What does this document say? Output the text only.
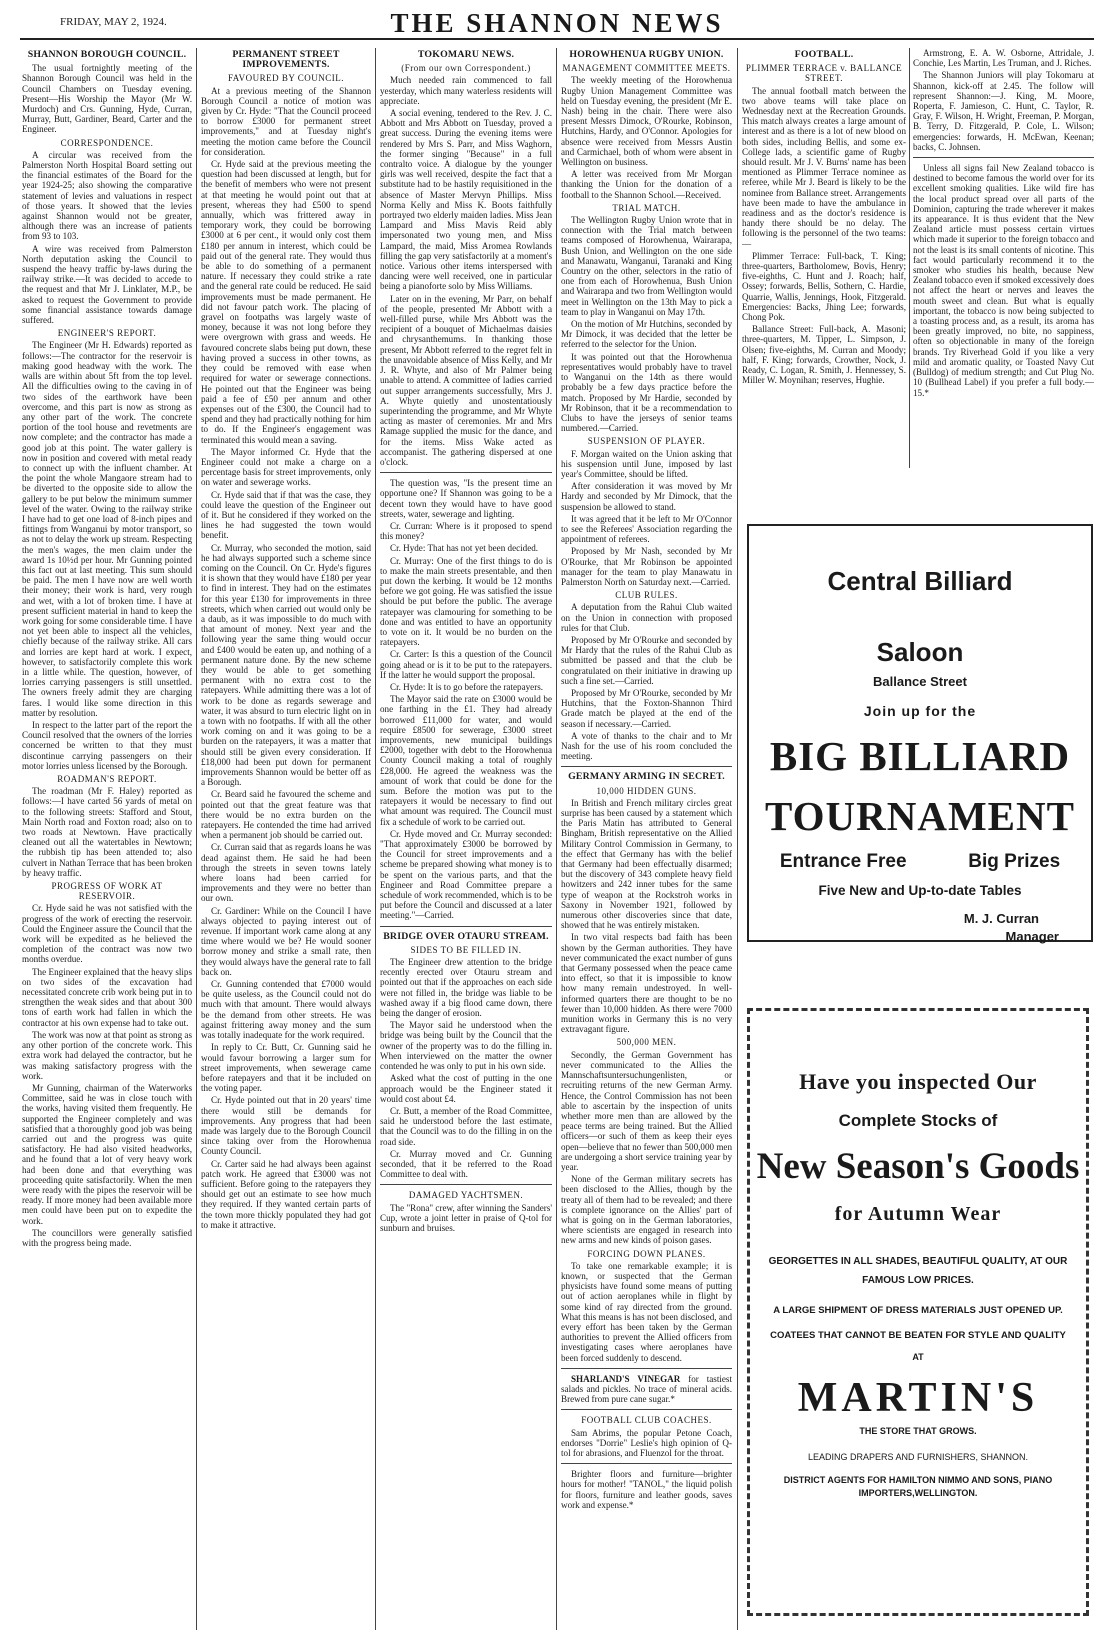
FRIDAY, MAY 2, 1924.	THE SHANNON NEWS
SHANNON BOROUGH COUNCIL.

The usual fortnightly meeting of the Shannon Borough Council was held in the Council Chambers on Tuesday evening. Present—His Worship the Mayor (Mr W. Murdoch) and Crs. Gunning, Hyde, Curran, Murray, Butt, Gardiner, Beard, Carter and the Engineer.

CORRESPONDENCE.

A circular was received from the Palmerston North Hospital Board setting out the financial estimates of the Board for the year 1924-25; also showing the comparative statement of levies and valuations in respect of those years. It showed that the levies against Shannon would not be greater, although there was an increase of patients from 93 to 103.

A wire was received from Palmerston North deputation asking the Council to suspend the heavy traffic by-laws during the railway strike.—It was decided to accede to the request and that Mr J. Linklater, M.P., be asked to request the Government to provide some financial assistance towards damage suffered.

ENGINEER'S REPORT.

The Engineer (Mr H. Edwards) reported as follows:—The contractor for the reservoir is making good headway with the work. The walls are within about 5ft from the top level. All the difficulties owing to the caving in of two sides of the earthwork have been overcome, and this part is now as strong as any other part of the work. The concrete portion of the tool house and revetments are now complete; and the contractor has made a good job at this point. The water gallery is now in position and covered with metal ready to connect up with the influent chamber. At the point the whole Mangaore stream had to be diverted to the opposite side to allow the gallery to be put below the minimum summer level of the water. Owing to the railway strike I have had to get one load of 8-inch pipes and fittings from Wanganui by motor transport, so as not to delay the work up stream. Respecting the men's wages, the men claim under the award 1s 10½d per hour. Mr Gunning pointed this fact out at last meeting. This sum should be paid. The men I have now are well worth their money; their work is hard, very rough and wet, with a lot of broken time. I have at present sufficient material in hand to keep the work going for some considerable time. I have not yet been able to inspect all the vehicles, chiefly because of the railway strike. All cars and lorries are kept hard at work. I expect, however, to satisfactorily complete this work in a little while. The question, however, of lorries carrying passengers is still unsettled. The owners freely admit they are charging fares. I would like some direction in this matter by resolution.

In respect to the latter part of the report the Council resolved that the owners of the lorries concerned be written to that they must discontinue carrying passengers on their motor lorries unless licensed by the Borough.

ROADMAN'S REPORT.

The roadman (Mr F. Haley) reported as follows:—I have carted 56 yards of metal on to the following streets: Stafford and Stout, Main North road and Foxton road; also on to two roads at Newtown. Have practically cleaned out all the watertables in Newtown; the rubbish tip has been attended to; also culvert in Nathan Terrace that has been broken by heavy traffic.

PROGRESS OF WORK AT RESERVOIR.

Cr. Hyde said he was not satisfied with the progress of the work of erecting the reservoir. Could the Engineer assure the Council that the work will be expedited as he believed the completion of the contract was now two months overdue.

The Engineer explained that the heavy slips on two sides of the excavation had necessitated concrete crib work being put in to strengthen the weak sides and that about 300 tons of earth work had fallen in which the contractor at his own expense had to take out.

The work was now at that point as strong as any other portion of the concrete work. This extra work had delayed the contractor, but he was making satisfactory progress with the work.

Mr Gunning, chairman of the Waterworks Committee, said he was in close touch with the works, having visited them frequently. He supported the Engineer completely and was satisfied that a thoroughly good job was being carried out and the progress was quite satisfactory. He had also visited headworks, and he found that a lot of very heavy work had been done and that everything was proceeding quite satisfactorily. When the men were ready with the pipes the reservoir will be ready. If more money had been available more men could have been put on to expedite the work.

The councillors were generally satisfied with the progress being made.

PERMANENT STREET IMPROVEMENTS.
FAVOURED BY COUNCIL.

At a previous meeting of the Shannon Borough Council a notice of motion was given by Cr. Hyde: "That the Council proceed to borrow £3000 for permanent street improvements," and at Tuesday night's meeting the motion came before the Council for consideration.

Cr. Hyde said at the previous meeting the question had been discussed at length, but for the benefit of members who were not present at that meeting he would point out that at present, whereas they had £500 to spend annually, which was frittered away in temporary work, they could be borrowing £3000 at 6 per cent., it would only cost them £180 per annum in interest, which could be paid out of the general rate. They would thus be able to do something of a permanent nature. If necessary they could strike a rate and the general rate could be reduced. He said improvements must be made permanent. He did not favour patch work. The placing of gravel on footpaths was largely waste of money, because it was not long before they were overgrown with grass and weeds. He favoured concrete slabs being put down, these having proved a success in other towns, as they could be removed with ease when required for water or sewerage connections. He pointed out that the Engineer was being paid a fee of £50 per annum and other expenses out of the £300, the Council had to spend and they had practically nothing for him to do. If the Engineer's engagement was terminated this would mean a saving.

The Mayor informed Cr. Hyde that the Engineer could not make a charge on a percentage basis for street improvements, only on water and sewerage works.

Cr. Hyde said that if that was the case, they could leave the question of the Engineer out of it. But he considered if they worked on the lines he had suggested the town would benefit.

Cr. Murray, who seconded the motion, said he had always supported such a scheme since coming on the Council. On Cr. Hyde's figures it is shown that they would have £180 per year to find in interest. They had on the estimates for this year £130 for improvements in three streets, which when carried out would only be a daub, as it was impossible to do much with that amount of money. Next year and the following year the same thing would occur and £400 would be eaten up, and nothing of a permanent nature done. By the new scheme they would be able to get something permanent with no extra cost to the ratepayers. While admitting there was a lot of work to be done as regards sewerage and water, it was absurd to turn electric light on in a town with no footpaths. If with all the other work coming on and it was going to be a burden on the ratepayers, it was a matter that should still be given every consideration. If £18,000 had been put down for permanent improvements Shannon would be better off as a Borough.

Cr. Beard said he favoured the scheme and pointed out that the great feature was that there would be no extra burden on the ratepayers. He contended the time had arrived when a permanent job should be carried out.

Cr. Curran said that as regards loans he was dead against them. He said he had been through the streets in seven towns lately where loans had been carried for improvements and they were no better than our own.

Cr. Gardiner: While on the Council I have always objected to paying interest out of revenue. If important work came along at any time where would we be? He would sooner borrow money and strike a small rate, then they would always have the general rate to fall back on.

Cr. Gunning contended that £7000 would be quite useless, as the Council could not do much with that amount. There would always be the demand from other streets. He was against frittering away money and the sum was totally inadequate for the work required.

In reply to Cr. Butt, Cr. Gunning said he would favour borrowing a larger sum for street improvements, when sewerage came before ratepayers and that it be included on the voting paper.

Cr. Hyde pointed out that in 20 years' time there would still be demands for improvements. Any progress that had been made was largely due to the Borough Council since taking over from the Horowhenua County Council.

Cr. Carter said he had always been against patch work. He agreed that £3000 was not sufficient. Before going to the ratepayers they should get out an estimate to see how much they required. If they wanted certain parts of the town more thickly populated they had got to make it attractive.

TOKOMARU NEWS.
(From our own Correspondent.)

Much needed rain commenced to fall yesterday, which many waterless residents will appreciate.

A social evening, tendered to the Rev. J. C. Abbott and Mrs Abbott on Tuesday, proved a great success. During the evening items were rendered by Mrs S. Parr, and Miss Waghorn, the former singing "Because" in a full contralto voice. A dialogue by the younger girls was well received, despite the fact that a substitute had to be hastily requisitioned in the absence of Master Mervyn Phillips. Miss Norma Kelly and Miss K. Boots faithfully portrayed two elderly maiden ladies. Miss Jean Lampard and Miss Mavis Reid ably impersonated two young men, and Miss Lampard, the maid, Miss Aromea Rowlands filling the gap very satisfactorily at a moment's notice. Various other items interspersed with dancing were well received, one in particular being a pianoforte solo by Miss Williams.

Later on in the evening, Mr Parr, on behalf of the people, presented Mr Abbott with a well-filled purse, while Mrs Abbott was the recipient of a bouquet of Michaelmas daisies and chrysanthemums. In thanking those present, Mr Abbott referred to the regret felt in the unavoidable absence of Miss Kelly, and Mr J. R. Whyte, and also of Mr Palmer being unable to attend. A committee of ladies carried out supper arrangements successfully, Mrs J. A. Whyte quietly and unostentatiously superintending the programme, and Mr Whyte acting as master of ceremonies. Mr and Mrs Ramage supplied the music for the dance, and for the items. Miss Wake acted as accompanist. The gathering dispersed at one o'clock.

The question was, "Is the present time an opportune one? If Shannon was going to be a decent town they would have to have good streets, water, sewerage and lighting.

Cr. Curran: Where is it proposed to spend this money?

Cr. Hyde: That has not yet been decided.

Cr. Murray: One of the first things to do is to make the main streets presentable, and then put down the kerbing. It would be 12 months before we got going. He was satisfied the issue should be put before the public. The average ratepayer was clamouring for something to be done and was entitled to have an opportunity to vote on it. It would be no burden on the ratepayers.

Cr. Carter: Is this a question of the Council going ahead or is it to be put to the ratepayers. If the latter he would support the proposal.

Cr. Hyde: It is to go before the ratepayers.

The Mayor said the rate on £3000 would be one farthing in the £1. They had already borrowed £11,000 for water, and would require £8500 for sewerage, £3000 street improvements, new municipal buildings £2000, together with debt to the Horowhenua County Council making a total of roughly £28,000. He agreed the weakness was the amount of work that could be done for the sum. Before the motion was put to the ratepayers it would be necessary to find out what amount was required. The Council must fix a schedule of work to be carried out.

Cr. Hyde moved and Cr. Murray seconded: "That approximately £3000 be borrowed by the Council for street improvements and a scheme be prepared showing what money is to be spent on the various parts, and that the Engineer and Road Committee prepare a schedule of work recommended, which is to be put before the Council and discussed at a later meeting."—Carried.

BRIDGE OVER OTAURU STREAM.
SIDES TO BE FILLED IN.

The Engineer drew attention to the bridge recently erected over Otauru stream and pointed out that if the approaches on each side were not filled in, the bridge was liable to be washed away if a big flood came down, there being the danger of erosion.

The Mayor said he understood when the bridge was being built by the Council that the owner of the property was to do the filling in. When interviewed on the matter the owner contended he was only to put in his own side.

Asked what the cost of putting in the one approach would be the Engineer stated it would cost about £4.

Cr. Butt, a member of the Road Committee, said he understood before the last estimate, that the Council was to do the filling in on the road side.

Cr. Murray moved and Cr. Gunning seconded, that it be referred to the Road Committee to deal with.

DAMAGED YACHTSMEN.

The "Rona" crew, after winning the Sanders' Cup, wrote a joint letter in praise of Q-tol for sunburn and bruises.

HOROWHENUA RUGBY UNION.
MANAGEMENT COMMITTEE MEETS.

The weekly meeting of the Horowhenua Rugby Union Management Committee was held on Tuesday evening, the president (Mr E. Nash) being in the chair. There were also present Messrs Dimock, O'Rourke, Robinson, Hutchins, Hardy, and O'Connor. Apologies for absence were received from Messrs Austin and Carmichael, both of whom were absent in Wellington on business.

A letter was received from Mr Morgan thanking the Union for the donation of a football to the Shannon School.—Received.

TRIAL MATCH.

The Wellington Rugby Union wrote that in connection with the Trial match between teams composed of Horowhenua, Wairarapa, Bush Union, and Wellington on the one side and Manawatu, Wanganui, Taranaki and King Country on the other, selectors in the ratio of one from each of Horowhenua, Bush Union and Wairarapa and two from Wellington would meet in Wellington on the 13th May to pick a team to play in Wanganui on May 17th.

On the motion of Mr Hutchins, seconded by Mr Dimock, it was decided that the letter be referred to the selector for the Union.

It was pointed out that the Horowhenua representatives would probably have to travel to Wanganui on the 14th as there would probably be a few days practice before the match. Proposed by Mr Hardie, seconded by Mr Robinson, that it be a recommendation to Clubs to have the jerseys of senior teams numbered.—Carried.

SUSPENSION OF PLAYER.

F. Morgan waited on the Union asking that his suspension until June, imposed by last year's Committee, should be lifted.

After consideration it was moved by Mr Hardy and seconded by Mr Dimock, that the suspension be allowed to stand.

It was agreed that it be left to Mr O'Connor to see the Referees' Association regarding the appointment of referees.

Proposed by Mr Nash, seconded by Mr O'Rourke, that Mr Robinson be appointed manager for the team to play Manawatu in Palmerston North on Saturday next.—Carried.

CLUB RULES.

A deputation from the Rahui Club waited on the Union in connection with proposed rules for that Club.

Proposed by Mr O'Rourke and seconded by Mr Hardy that the rules of the Rahui Club as submitted be passed and that the club be congratulated on their initiative in drawing up such a fine set.—Carried.

Proposed by Mr O'Rourke, seconded by Mr Hutchins, that the Foxton-Shannon Third Grade match be played at the end of the season if necessary.—Carried.

A vote of thanks to the chair and to Mr Nash for the use of his room concluded the meeting.

GERMANY ARMING IN SECRET.
10,000 HIDDEN GUNS.

In British and French military circles great surprise has been caused by a statement which the Paris Matin has attributed to General Bingham, British representative on the Allied Military Control Commission in Germany, to the effect that Germany has with the belief that Germany had been effectually disarmed; but the discovery of 343 complete heavy field howitzers and 242 inner tubes for the same type of weapon at the Rockstroh works in Saxony in November 1921, followed by numerous other discoveries since that date, showed that he was entirely mistaken.

In two vital respects bad faith has been shown by the German authorities. They have never communicated the exact number of guns that Germany possessed when the peace came into effect, so that it is impossible to know how many remain undestroyed. In well-informed quarters there are thought to be no fewer than 10,000 hidden. As there were 7000 munition works in Germany this is no very extravagant figure.

500,000 MEN.

Secondly, the German Government has never communicated to the Allies the Mannschaftsuntersuchungenlisten, or recruiting returns of the new German Army. Hence, the Control Commission has not been able to ascertain by the inspection of units whether more men than are allowed by the peace terms are being trained. But the Allied officers—or such of them as keep their eyes open—believe that no fewer than 500,000 men are undergoing a short service training year by year.

None of the German military secrets has been disclosed to the Allies, though by the treaty all of them had to be revealed; and there is complete ignorance on the Allies' part of what is going on in the German laboratories, where scientists are engaged in research into new arms and new kinds of poison gases.

FORCING DOWN PLANES.

To take one remarkable example; it is known, or suspected that the German physicists have found some means of putting out of action aeroplanes while in flight by some kind of ray directed from the ground. What this means is has not been disclosed, and every effort has been taken by the German authorities to prevent the Allied officers from investigating cases where aeroplanes have been forced suddenly to descend.

SHARLAND'S VINEGAR for tastiest salads and pickles. No trace of mineral acids. Brewed from pure cane sugar.*

FOOTBALL CLUB COACHES.

Sam Abrims, the popular Petone Coach, endorses "Dorrie" Leslie's high opinion of Q-tol for abrasions, and Fluenzol for the throat.

Brighter floors and furniture—brighter hours for mother! "TANOL," the liquid polish for floors, furniture and leather goods, saves work and expense.*

FOOTBALL.
PLIMMER TERRACE v. BALLANCE STREET.

The annual football match between the two above teams will take place on Wednesday next at the Recreation Grounds. This match always creates a large amount of interest and as there is a lot of new blood on both sides, including Bellis, and some ex-College lads, a scientific game of Rugby should result. Mr J. V. Burns' name has been mentioned as Plimmer Terrace nominee as referee, while Mr J. Beard is likely to be the nominee from Ballance street. Arrangements have been made to have the ambulance in readiness and as the doctor's residence is handy there should be no delay. The following is the personnel of the two teams:—

Plimmer Terrace: Full-back, T. King; three-quarters, Bartholomew, Bovis, Henry; five-eighths, C. Hunt and J. Roach; half, Ossey; forwards, Bellis, Sothern, C. Hardie, Quarrie, Wallis, Jennings, Hook, Fitzgerald. Emergencies: Backs, Jhing Lee; forwards, Chong Pok.

Ballance Street: Full-back, A. Masoni; three-quarters, M. Tipper, L. Simpson, J. Olsen; five-eighths, M. Curran and Moody; half, F. King; forwards, Crowther, Nock, J. Ready, C. Logan, R. Smith, J. Hennessey, S. Miller W. Moynihan; reserves, Hughie.

Armstrong, E. A. W. Osborne, Attridale, J. Conchie, Les Martin, Les Truman, and J. Riches.

The Shannon Juniors will play Tokomaru at Shannon, kick-off at 2.45. The follow will represent Shannon:—J. King, M. Moore, Roperta, F. Jamieson, C. Hunt, C. Taylor, R. Gray, F. Wilson, H. Wright, Freeman, P. Morgan, B. Terry, D. Fitzgerald, P. Cole, L. Wilson; emergencies: forwards, H. McEwan, Keenan; backs, C. Johnsen.

Unless all signs fail New Zealand tobacco is destined to become famous the world over for its excellent smoking qualities. Like wild fire has the local product spread over all parts of the Dominion, capturing the trade wherever it makes its appearance. It is thus evident that the New Zealand article must possess certain virtues which made it superior to the foreign tobacco and not the least is its small contents of nicotine. This fact would particularly recommend it to the smoker who studies his health, because New Zealand tobacco even if smoked excessively does not affect the heart or nerves and leaves the mouth sweet and clean. But what is equally important, the tobacco is now being subjected to a toasting process and, as a result, its aroma has been greatly improved, no bite, no sappiness, often so objectionable in many of the foreign brands. Try Riverhead Gold if you like a very mild and aromatic quality, or Toasted Navy Cut (Bulldog) of medium strength; and Cut Plug No. 10 (Bullhead Label) if you prefer a full body.—15.*

Central Billiard
Saloon
Ballance Street
Join up for the
BIG BILLIARD
TOURNAMENT
Entrance Free	Big Prizes
Five New and Up-to-date Tables
M. J. Curran
Manager
Have you inspected Our
Complete Stocks of
New Season's Goods
for Autumn Wear
GEORGETTES IN ALL SHADES, BEAUTIFUL QUALITY, AT OUR FAMOUS LOW PRICES.
A LARGE SHIPMENT OF DRESS MATERIALS JUST OPENED UP.
COATEES THAT CANNOT BE BEATEN FOR STYLE AND QUALITY
AT
MARTIN'S
THE STORE THAT GROWS.
LEADING DRAPERS AND FURNISHERS, SHANNON.
DISTRICT AGENTS FOR HAMILTON NIMMO AND SONS, PIANO IMPORTERS,WELLINGTON.
